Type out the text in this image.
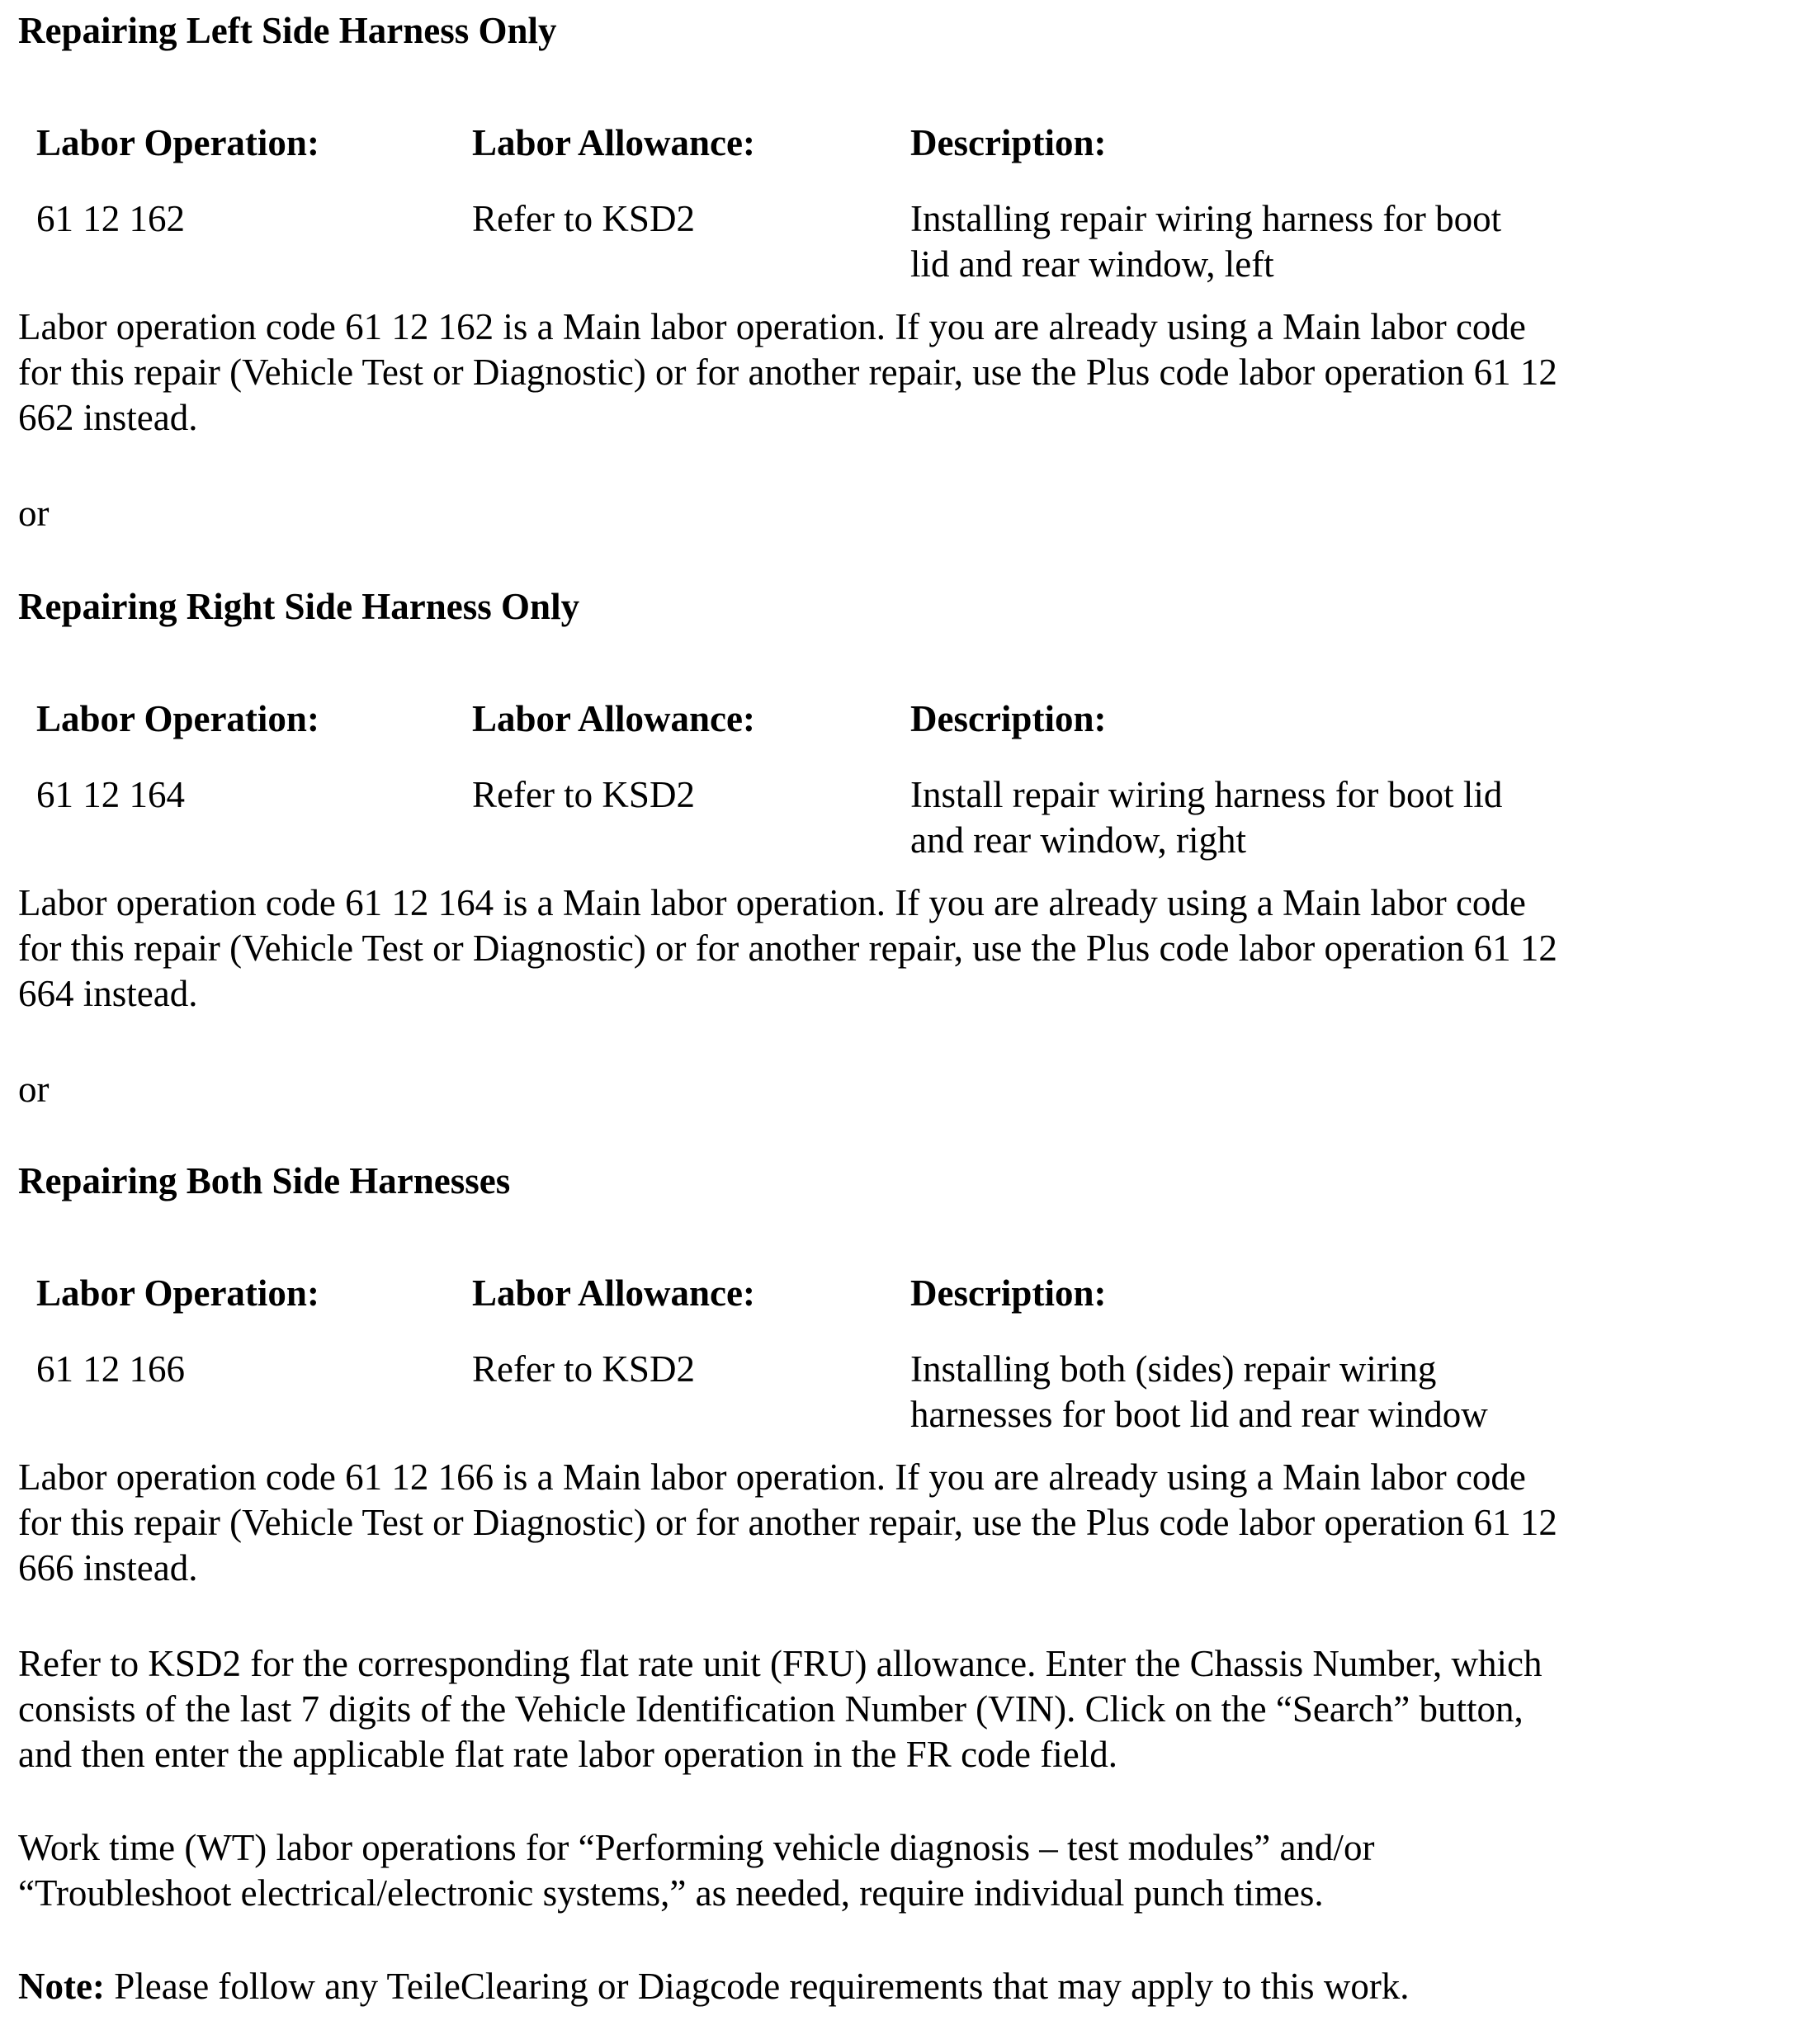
Repairing Left Side Harness Only
Labor Operation:	Labor Allowance:	Description:
61 12 162	Refer to KSD2	Installing repair wiring harness for boot
lid and rear window, left
Labor operation code 61 12 162 is a Main labor operation. If you are already using a Main labor code
for this repair (Vehicle Test or Diagnostic) or for another repair, use the Plus code labor operation 61 12
662 instead.
or
Repairing Right Side Harness Only
Labor Operation:	Labor Allowance:	Description:
61 12 164	Refer to KSD2	Install repair wiring harness for boot lid
and rear window, right
Labor operation code 61 12 164 is a Main labor operation. If you are already using a Main labor code
for this repair (Vehicle Test or Diagnostic) or for another repair, use the Plus code labor operation 61 12
664 instead.
or
Repairing Both Side Harnesses
Labor Operation:	Labor Allowance:	Description:
61 12 166	Refer to KSD2	Installing both (sides) repair wiring
harnesses for boot lid and rear window
Labor operation code 61 12 166 is a Main labor operation. If you are already using a Main labor code
for this repair (Vehicle Test or Diagnostic) or for another repair, use the Plus code labor operation 61 12
666 instead.
Refer to KSD2 for the corresponding flat rate unit (FRU) allowance. Enter the Chassis Number, which
consists of the last 7 digits of the Vehicle Identification Number (VIN). Click on the “Search” button,
and then enter the applicable flat rate labor operation in the FR code field.
Work time (WT) labor operations for “Performing vehicle diagnosis – test modules” and/or
“Troubleshoot electrical/electronic systems,” as needed, require individual punch times.
Note: Please follow any TeileClearing or Diagcode requirements that may apply to this work.
